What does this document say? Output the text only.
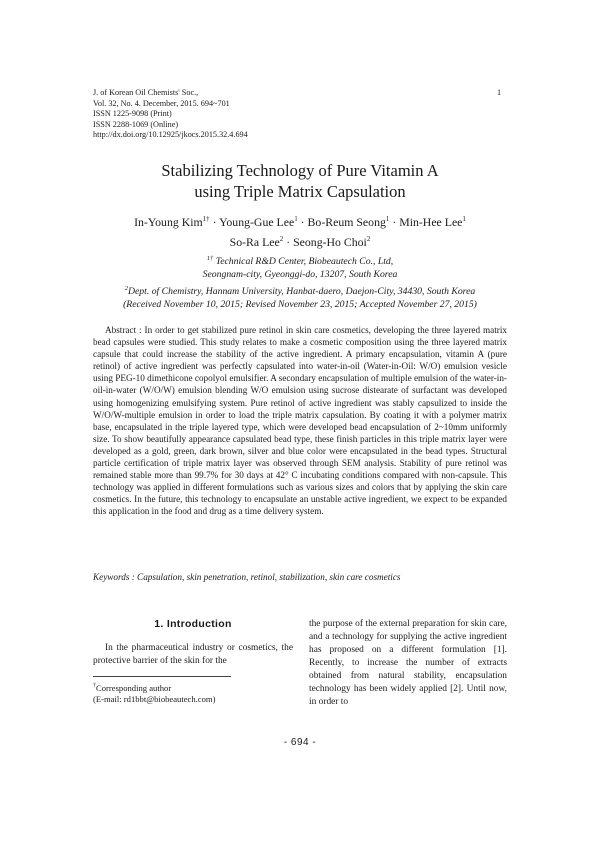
J. of Korean Oil Chemists' Soc.,
Vol. 32, No. 4. December, 2015. 694~701
ISSN 1225-9098 (Print)
ISSN 2288-1069 (Online)
http://dx.doi.org/10.12925/jkocs.2015.32.4.694
1
Stabilizing Technology of Pure Vitamin A
using Triple Matrix Capsulation
In-Young Kim$^{1\dagger}$ · Young-Gue Lee$^1$ · Bo-Reum Seong$^1$ · Min-Hee Lee$^1$
So-Ra Lee$^2$ · Seong-Ho Choi$^2$
$^{1\dagger}$ Technical R&D Center, Biobeautech Co., Ltd,
Seongnam-city, Gyeonggi-do, 13207, South Korea
$^2$Dept. of Chemistry, Hannam University, Hanbat-daero, Daejon-City, 34430, South Korea
(Received November 10, 2015; Revised November 23, 2015; Accepted November 27, 2015)
Abstract : In order to get stabilized pure retinol in skin care cosmetics, developing the three layered matrix bead capsules were studied. This study relates to make a cosmetic composition using the three layered matrix capsule that could increase the stability of the active ingredient. A primary encapsulation, vitamin A (pure retinol) of active ingredient was perfectly capsulated into water-in-oil (Water-in-Oil: W/O) emulsion vesicle using PEG-10 dimethicone copolyol emulsifier. A secondary encapsulation of multiple emulsion of the water-in-oil-in-water (W/O/W) emulsion blending W/O emulsion using sucrose distearate of surfactant was developed using homogenizing emulsifying system. Pure retinol of active ingredient was stably capsulized to inside the W/O/W-multiple emulsion in order to load the triple matrix capsulation. By coating it with a polymer matrix base, encapsulated in the triple layered type, which were developed bead encapsulation of 2~10mm uniformly size. To show beautifully appearance capsulated bead type, these finish particles in this triple matrix layer were developed as a gold, green, dark brown, silver and blue color were encapsulated in the bead types. Structural particle certification of triple matrix layer was observed through SEM analysis. Stability of pure retinol was remained stable more than 99.7% for 30 days at 42° C incubating conditions compared with non-capsule. This technology was applied in different formulations such as various sizes and colors that by applying the skin care cosmetics. In the future, this technology to encapsulate an unstable active ingredient, we expect to be expanded this application in the food and drug as a time delivery system.
Keywords : Capsulation, skin penetration, retinol, stabilization, skin care cosmetics
1. Introduction

In the pharmaceutical industry or cosmetics, the protective barrier of the skin for the

†Corresponding author
(E-mail: rd1bbt@biobeautech.com)

the purpose of the external preparation for skin care, and a technology for supplying the active ingredient has proposed on a different formulation [1]. Recently, to increase the number of extracts obtained from natural stability, encapsulation technology has been widely applied [2]. Until now, in order to

- 694 -
